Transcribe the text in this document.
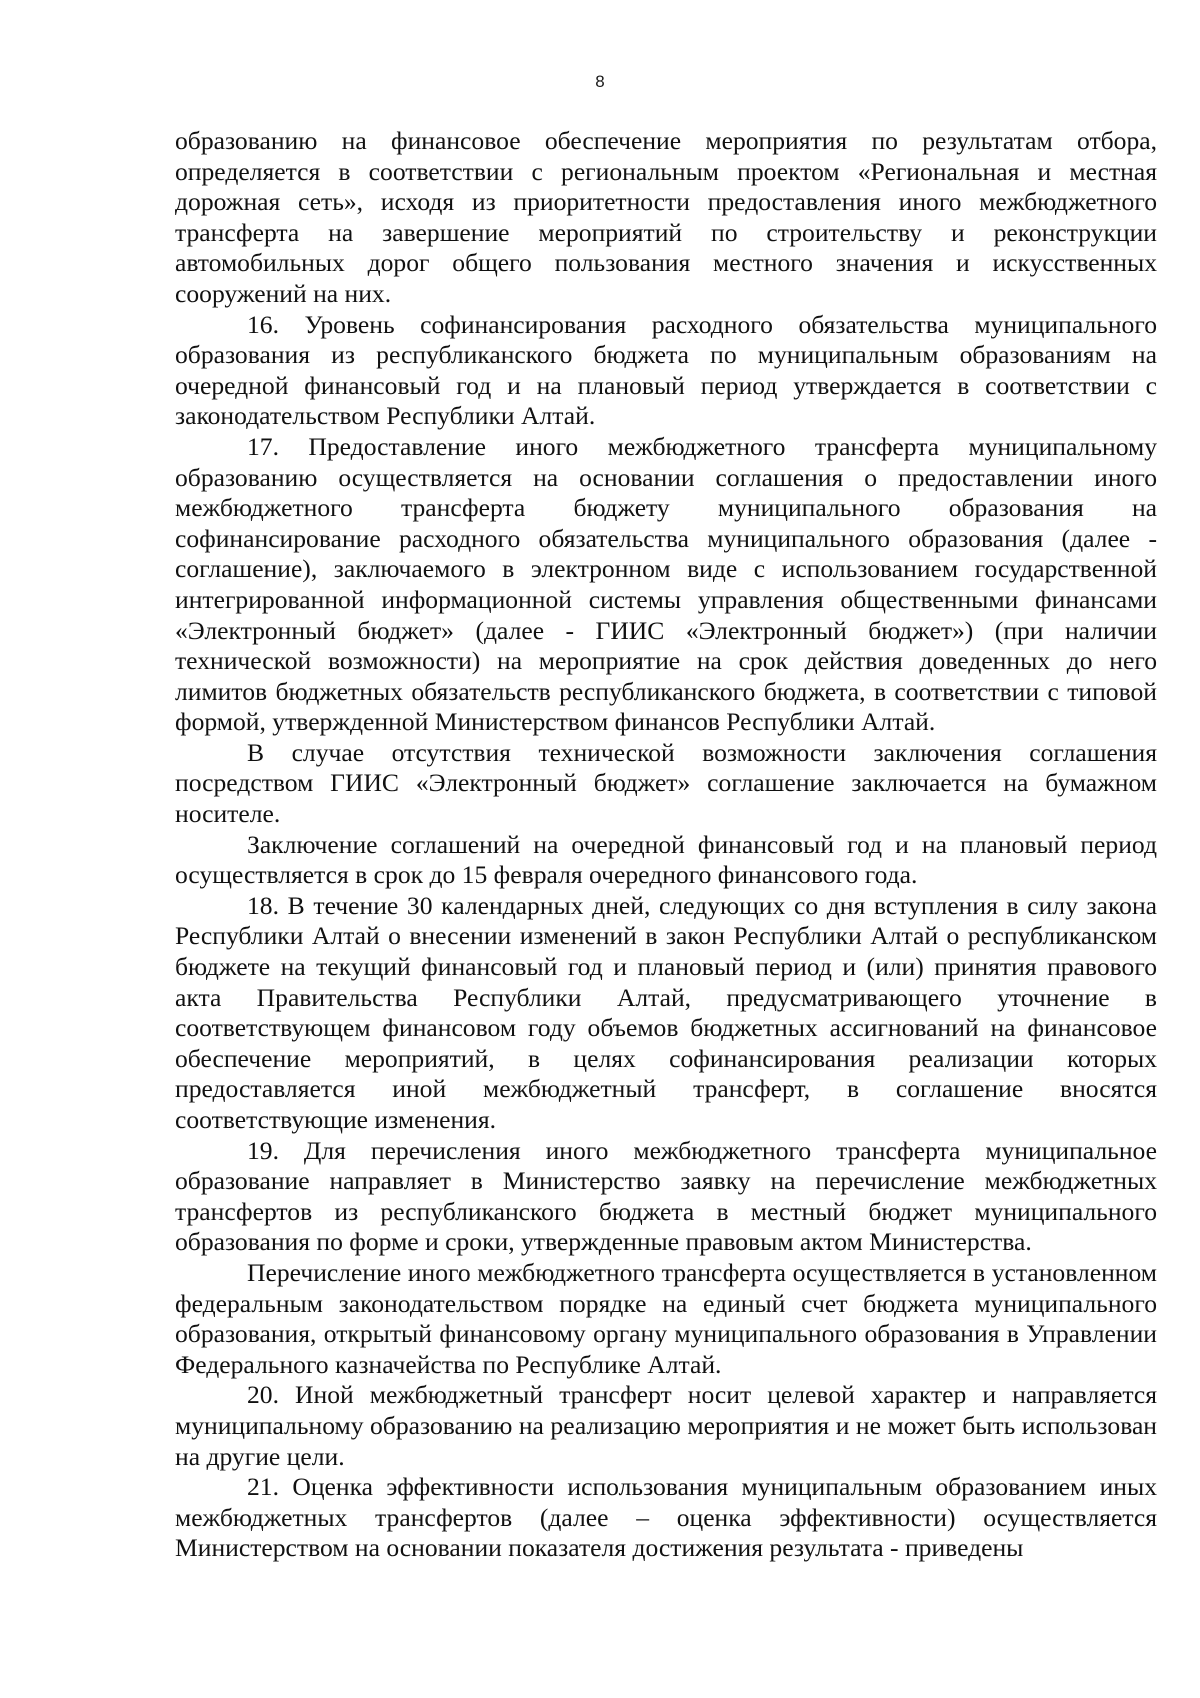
8

образованию на финансовое обеспечение мероприятия по результатам отбора, определяется в соответствии с региональным проектом «Региональная и местная дорожная сеть», исходя из приоритетности предоставления иного межбюджетного трансферта на завершение мероприятий по строительству и реконструкции автомобильных дорог общего пользования местного значения и искусственных сооружений на них.

16. Уровень софинансирования расходного обязательства муниципального образования из республиканского бюджета по муниципальным образованиям на очередной финансовый год и на плановый период утверждается в соответствии с законодательством Республики Алтай.

17. Предоставление иного межбюджетного трансферта муниципальному образованию осуществляется на основании соглашения о предоставлении иного межбюджетного трансферта бюджету муниципального образования на софинансирование расходного обязательства муниципального образования (далее - соглашение), заключаемого в электронном виде с использованием государственной интегрированной информационной системы управления общественными финансами «Электронный бюджет» (далее - ГИИС «Электронный бюджет») (при наличии технической возможности) на мероприятие на срок действия доведенных до него лимитов бюджетных обязательств республиканского бюджета, в соответствии с типовой формой, утвержденной Министерством финансов Республики Алтай.

В случае отсутствия технической возможности заключения соглашения посредством ГИИС «Электронный бюджет» соглашение заключается на бумажном носителе.

Заключение соглашений на очередной финансовый год и на плановый период осуществляется в срок до 15 февраля очередного финансового года.

18. В течение 30 календарных дней, следующих со дня вступления в силу закона Республики Алтай о внесении изменений в закон Республики Алтай о республиканском бюджете на текущий финансовый год и плановый период и (или) принятия правового акта Правительства Республики Алтай, предусматривающего уточнение в соответствующем финансовом году объемов бюджетных ассигнований на финансовое обеспечение мероприятий, в целях софинансирования реализации которых предоставляется иной межбюджетный трансферт, в соглашение вносятся соответствующие изменения.

19. Для перечисления иного межбюджетного трансферта муниципальное образование направляет в Министерство заявку на перечисление межбюджетных трансфертов из республиканского бюджета в местный бюджет муниципального образования по форме и сроки, утвержденные правовым актом Министерства.

Перечисление иного межбюджетного трансферта осуществляется в установленном федеральным законодательством порядке на единый счет бюджета муниципального образования, открытый финансовому органу муниципального образования в Управлении Федерального казначейства по Республике Алтай.

20. Иной межбюджетный трансферт носит целевой характер и направляется муниципальному образованию на реализацию мероприятия и не может быть использован на другие цели.

21. Оценка эффективности использования муниципальным образованием иных межбюджетных трансфертов (далее – оценка эффективности) осуществляется Министерством на основании показателя достижения результата - приведены
